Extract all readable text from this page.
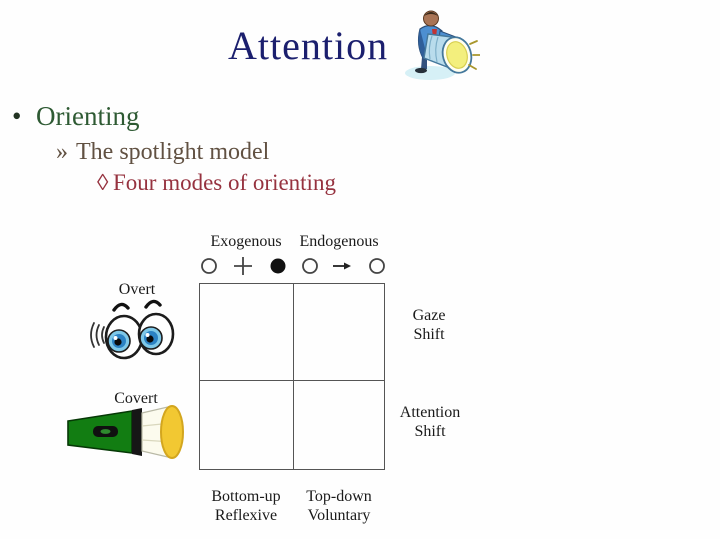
Attention
• Orienting
» The spotlight model
◊ Four modes of orienting
Exogenous	Endogenous
Overt
Covert
Gaze
Shift
Attention
Shift
Bottom-up
Reflexive
Top-down
Voluntary
